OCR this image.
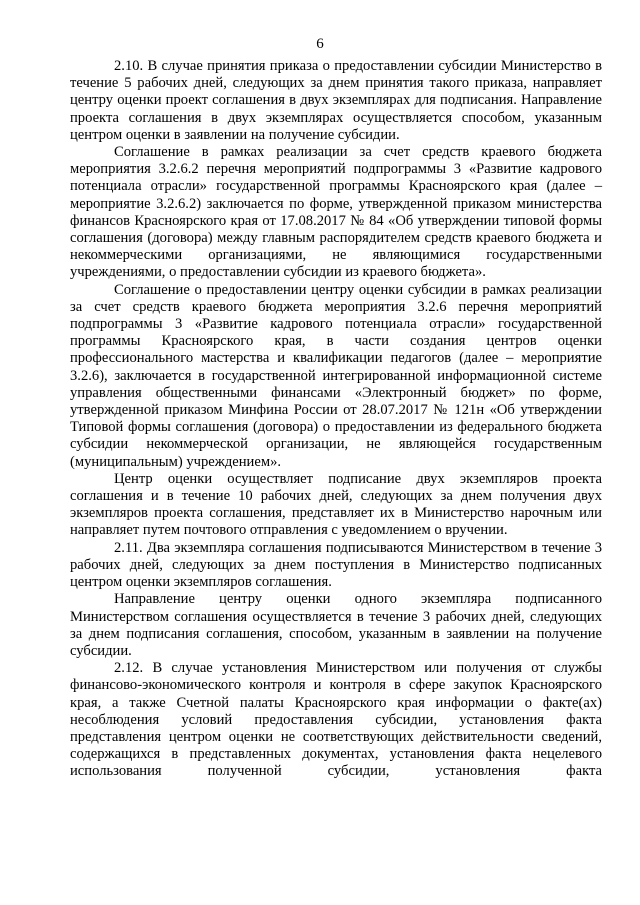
6

2.10. В случае принятия приказа о предоставлении субсидии Министерство в течение 5 рабочих дней, следующих за днем принятия такого приказа, направляет центру оценки проект соглашения в двух экземплярах для подписания. Направление проекта соглашения в двух экземплярах осуществляется способом, указанным центром оценки в заявлении на получение субсидии.

Соглашение в рамках реализации за счет средств краевого бюджета мероприятия 3.2.6.2 перечня мероприятий подпрограммы 3 «Развитие кадрового потенциала отрасли» государственной программы Красноярского края (далее – мероприятие 3.2.6.2) заключается по форме, утвержденной приказом министерства финансов Красноярского края от 17.08.2017 № 84 «Об утверждении типовой формы соглашения (договора) между главным распорядителем средств краевого бюджета и некоммерческими организациями, не являющимися государственными учреждениями, о предоставлении субсидии из краевого бюджета».

Соглашение о предоставлении центру оценки субсидии в рамках реализации за счет средств краевого бюджета мероприятия 3.2.6 перечня мероприятий подпрограммы 3 «Развитие кадрового потенциала отрасли» государственной программы Красноярского края, в части создания центров оценки профессионального мастерства и квалификации педагогов (далее – мероприятие 3.2.6), заключается в государственной интегрированной информационной системе управления общественными финансами «Электронный бюджет» по форме, утвержденной приказом Минфина России от 28.07.2017 № 121н «Об утверждении Типовой формы соглашения (договора) о предоставлении из федерального бюджета субсидии некоммерческой организации, не являющейся государственным (муниципальным) учреждением».

Центр оценки осуществляет подписание двух экземпляров проекта соглашения и в течение 10 рабочих дней, следующих за днем получения двух экземпляров проекта соглашения, представляет их в Министерство нарочным или направляет путем почтового отправления с уведомлением о вручении.

2.11. Два экземпляра соглашения подписываются Министерством в течение 3 рабочих дней, следующих за днем поступления в Министерство подписанных центром оценки экземпляров соглашения.

Направление центру оценки одного экземпляра подписанного Министерством соглашения осуществляется в течение 3 рабочих дней, следующих за днем подписания соглашения, способом, указанным в заявлении на получение субсидии.

2.12. В случае установления Министерством или получения от службы финансово-экономического контроля и контроля в сфере закупок Красноярского края, а также Счетной палаты Красноярского края информации о факте(ах) несоблюдения условий предоставления субсидии, установления факта представления центром оценки не соответствующих действительности сведений, содержащихся в представленных документах, установления факта нецелевого использования полученной субсидии, установления факта
